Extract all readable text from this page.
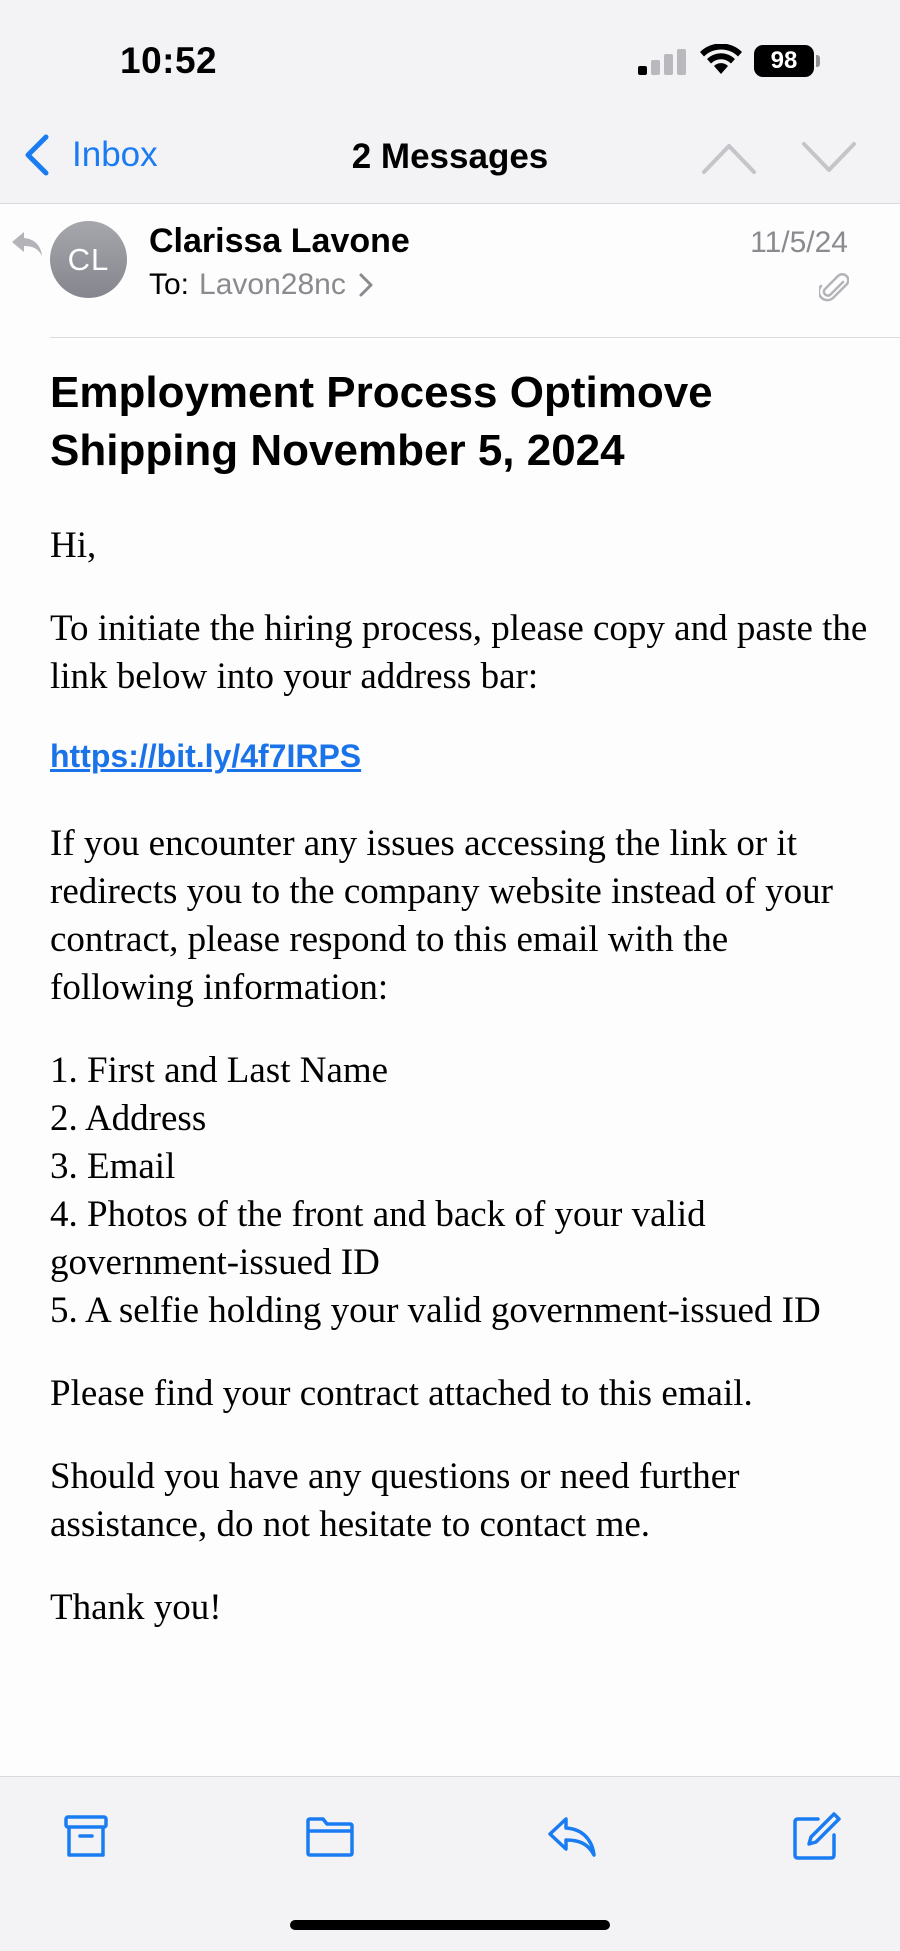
10:52	98
Inbox	2 Messages
CL	Clarissa Lavone
To: Lavon28nc
11/5/24
Employment Process Optimove Shipping November 5, 2024

Hi,

To initiate the hiring process, please copy and paste the link below into your address bar:

https://bit.ly/4f7IRPS

If you encounter any issues accessing the link or it redirects you to the company website instead of your contract, please respond to this email with the following information:

1. First and Last Name
2. Address
3. Email
4. Photos of the front and back of your valid government-issued ID
5. A selfie holding your valid government-issued ID

Please find your contract attached to this email.

Should you have any questions or need further assistance, do not hesitate to contact me.

Thank you!
